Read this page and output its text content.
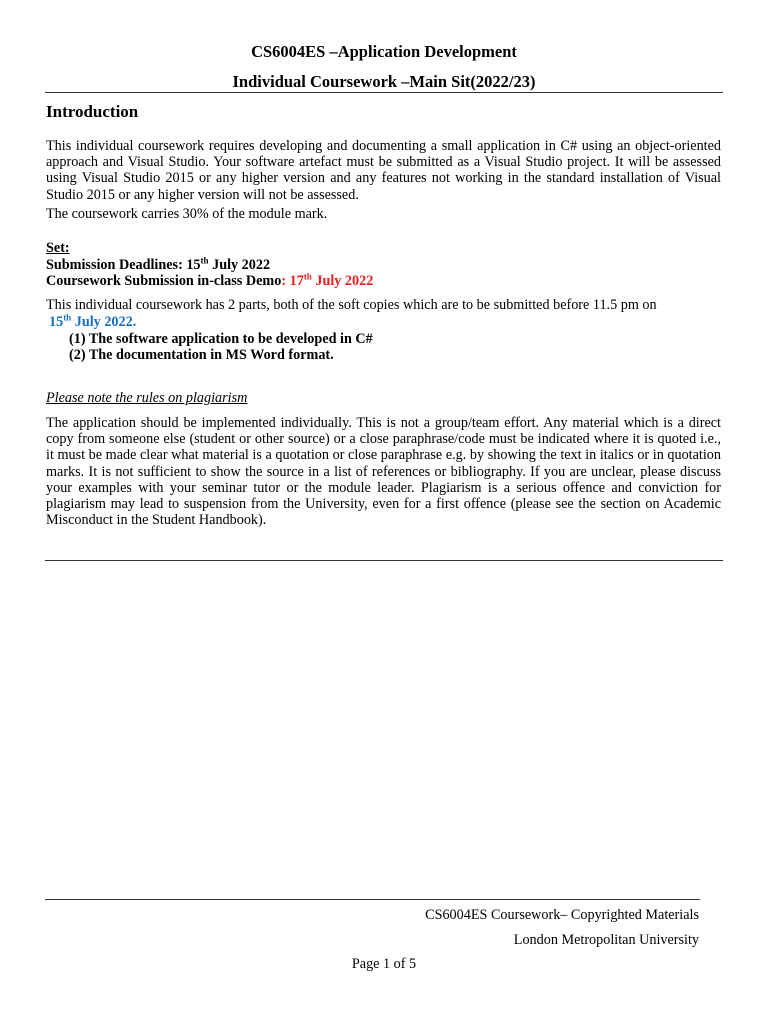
CS6004ES –Application Development
Individual Coursework –Main Sit(2022/23)
Introduction
This individual coursework requires developing and documenting a small application in C# using an object-oriented approach and Visual Studio. Your software artefact must be submitted as a Visual Studio project. It will be assessed using Visual Studio 2015 or any higher version and any features not working in the standard installation of Visual Studio 2015 or any higher version will not be assessed.
The coursework carries 30% of the module mark.
Set:
Submission Deadlines: 15th July 2022
Coursework Submission in-class Demo: 17th July 2022
This individual coursework has 2 parts, both of the soft copies which are to be submitted before 11.5 pm on
15th July 2022.
(1) The software application to be developed in C#
(2) The documentation in MS Word format.
Please note the rules on plagiarism
The application should be implemented individually. This is not a group/team effort. Any material which is a direct copy from someone else (student or other source) or a close paraphrase/code must be indicated where it is quoted i.e., it must be made clear what material is a quotation or close paraphrase e.g. by showing the text in italics or in quotation marks. It is not sufficient to show the source in a list of references or bibliography. If you are unclear, please discuss your examples with your seminar tutor or the module leader. Plagiarism is a serious offence and conviction for plagiarism may lead to suspension from the University, even for a first offence (please see the section on Academic Misconduct in the Student Handbook).
CS6004ES Coursework– Copyrighted Materials
London Metropolitan University
Page 1 of 5
